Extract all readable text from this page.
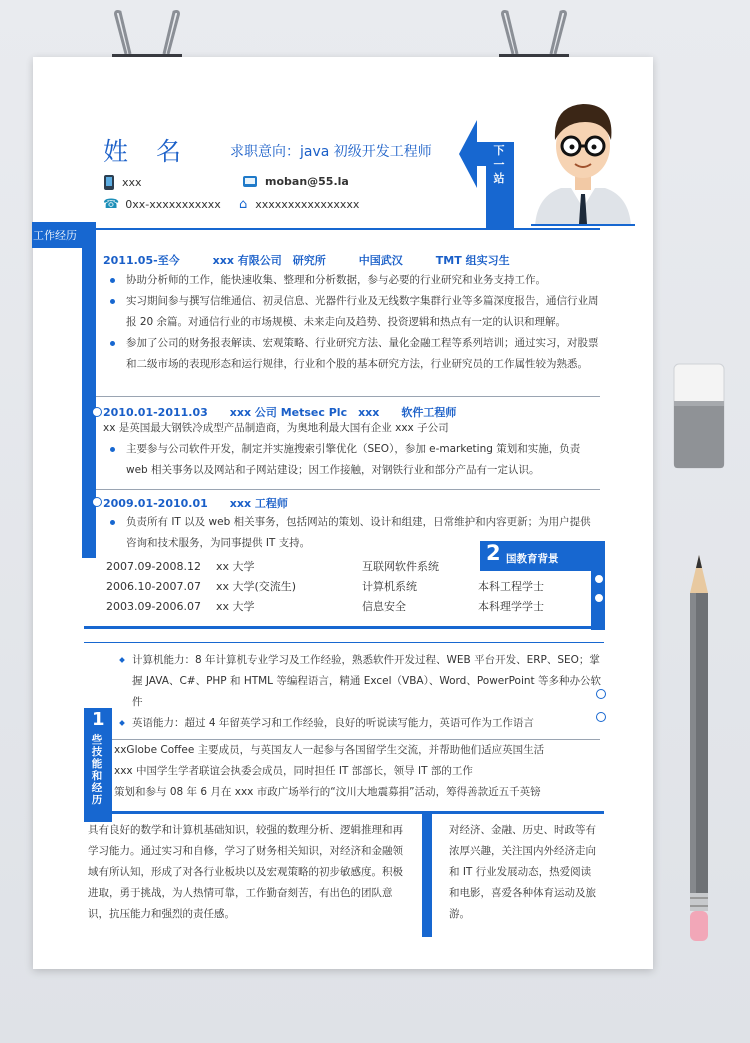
姓 名	求职意向：java 初级开发工程师	下一站
xxx	moban@55.la
☎ 0xx-xxxxxxxxxxx ⌂ xxxxxxxxxxxxxxxx
工作经历
2011.05-至今　　　xxx 有限公司　研究所　　　中国武汉　　　TMT 组实习生
协助分析师的工作，能快速收集、整理和分析数据，参与必要的行业研究和业务支持工作。
实习期间参与撰写信维通信、初灵信息、光器件行业及无线数字集群行业等多篇深度报告，通信行业周报 20 余篇。对通信行业的市场规模、未来走向及趋势、投资逻辑和热点有一定的认识和理解。
参加了公司的财务报表解读、宏观策略、行业研究方法、量化金融工程等系列培训；通过实习，对股票和二级市场的表现形态和运行规律，行业和个股的基本研究方法，行业研究员的工作属性较为熟悉。
2010.01-2011.03　　xxx 公司 Metsec Plc　xxx　　软件工程师
xx 是英国最大钢铁冷成型产品制造商，为奥地利最大国有企业 xxx 子公司
主要参与公司软件开发，制定并实施搜索引擎优化（SEO），参加 e-marketing 策划和实施，负责 web 相关事务以及网站和子网站建设；因工作接触，对钢铁行业和部分产品有一定认识。
2009.01-2010.01　　xxx 工程师
负责所有 IT 以及 web 相关事务，包括网站的策划、设计和组建，日常维护和内容更新；为用户提供咨询和技术服务，为同事提供 IT 支持。	2 国教育背景
2007.09-2008.12	xx 大学	互联网软件系统
2006.10-2007.07	xx 大学(交流生)	计算机系统	本科工程学士
2003.09-2006.07	xx 大学	信息安全	本科理学学士
计算机能力：8 年计算机专业学习及工作经验，熟悉软件开发过程、WEB 平台开发、ERP、SEO；掌握 JAVA、C#、PHP 和 HTML 等编程语言，精通 Excel（VBA）、Word、PowerPoint 等多种办公软件
英语能力：超过 4 年留英学习和工作经验，良好的听说读写能力，英语可作为工作语言
1
些技能和经历
xxGlobe Coffee 主要成员，与英国友人一起参与各国留学生交流，并帮助他们适应英国生活
xxx 中国学生学者联谊会执委会成员，同时担任 IT 部部长，领导 IT 部的工作
策划和参与 08 年 6 月在 xxx 市政广场举行的“汶川大地震募捐”活动，筹得善款近五千英镑
具有良好的数学和计算机基础知识，较强的数理分析、逻辑推理和再学习能力。通过实习和自修，学习了财务相关知识，对经济和金融领域有所认知，形成了对各行业板块以及宏观策略的初步敏感度。积极进取，勇于挑战，为人热情可靠，工作勤奋刻苦，有出色的团队意识，抗压能力和强烈的责任感。
对经济、金融、历史、时政等有浓厚兴趣，关注国内外经济走向和 IT 行业发展动态，热爱阅读和电影，喜爱各种体育运动及旅游。
